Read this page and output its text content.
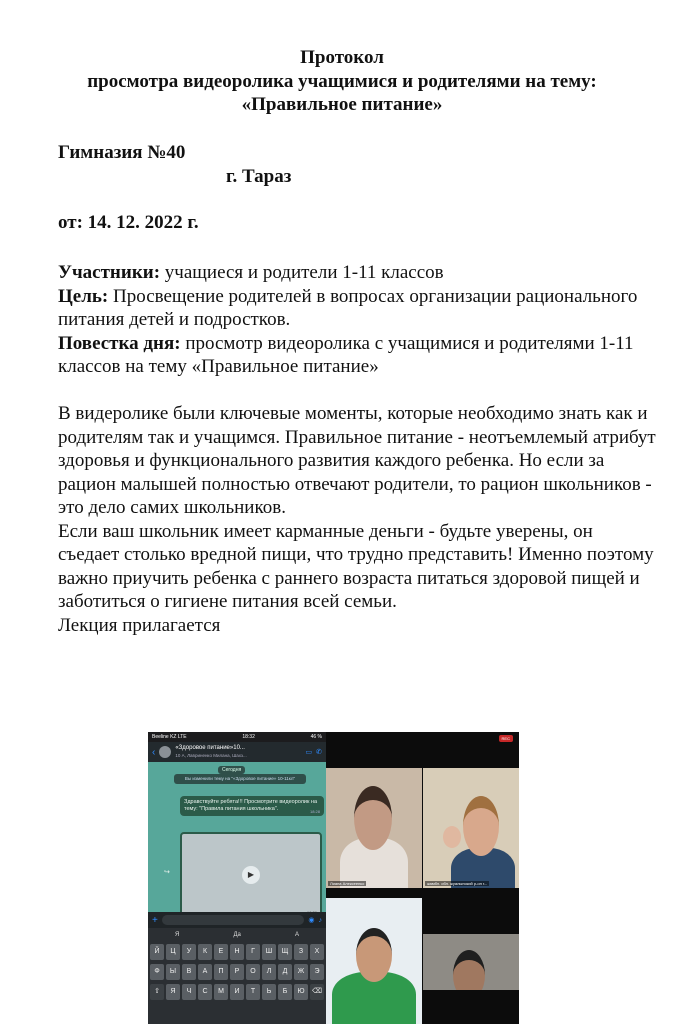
Протокол
просмотра видеоролика учащимися и родителями на тему:
«Правильное питание»

Гимназия №40

г. Тараз

от: 14. 12. 2022 г.

Участники: учащиеся и родители 1-11 классов

Цель: Просвещение родителей в вопросах организации рационального питания детей и подростков.

Повестка дня: просмотр видеоролика с учащимися и родителями 1-11 классов на тему «Правильное питание»

В видеролике были ключевые моменты, которые необходимо знать как и родителям так и учащимся. Правильное питание - неотъемлемый атрибут здоровья и функционального развития каждого ребенка. Но если за рацион малышей полностью отвечают родители, то рацион школьников - это дело самих школьников.

Если ваш школьник имеет карманные деньги - будьте уверены, он съедает столько вредной пищи, что трудно представить! Именно поэтому важно приучить ребенка с раннего возраста питаться здоровой пищей и заботиться о гигиене питания всей семьи.

Лекция прилагается

Beeline KZ LTE	18:32	46 %
‹	«Здоровое питание»10...
10 А, Лавриненко Милана, Шахз...	▭ ✆
Сегодня
Вы изменили тему на "«Здоровое питание» 10-11кл"
Здравствуйте ребята!!! Просмотрите видеоролик на тему: "Правила питания школьника".	18:28
↪	▶
+	◉ ♪
Я	Да	А
Й	Ц	У	К	Е	Н	Г	Ш	Щ	З	Х
Ф	Ы	В	А	П	Р	О	Л	Д	Ж	Э
⇧	Я	Ч	С	М	И	Т	Ь	Б	Ю	⌫
REC
Лиана Алексеенко	жамбл. обл. жуалынский р-он г...
